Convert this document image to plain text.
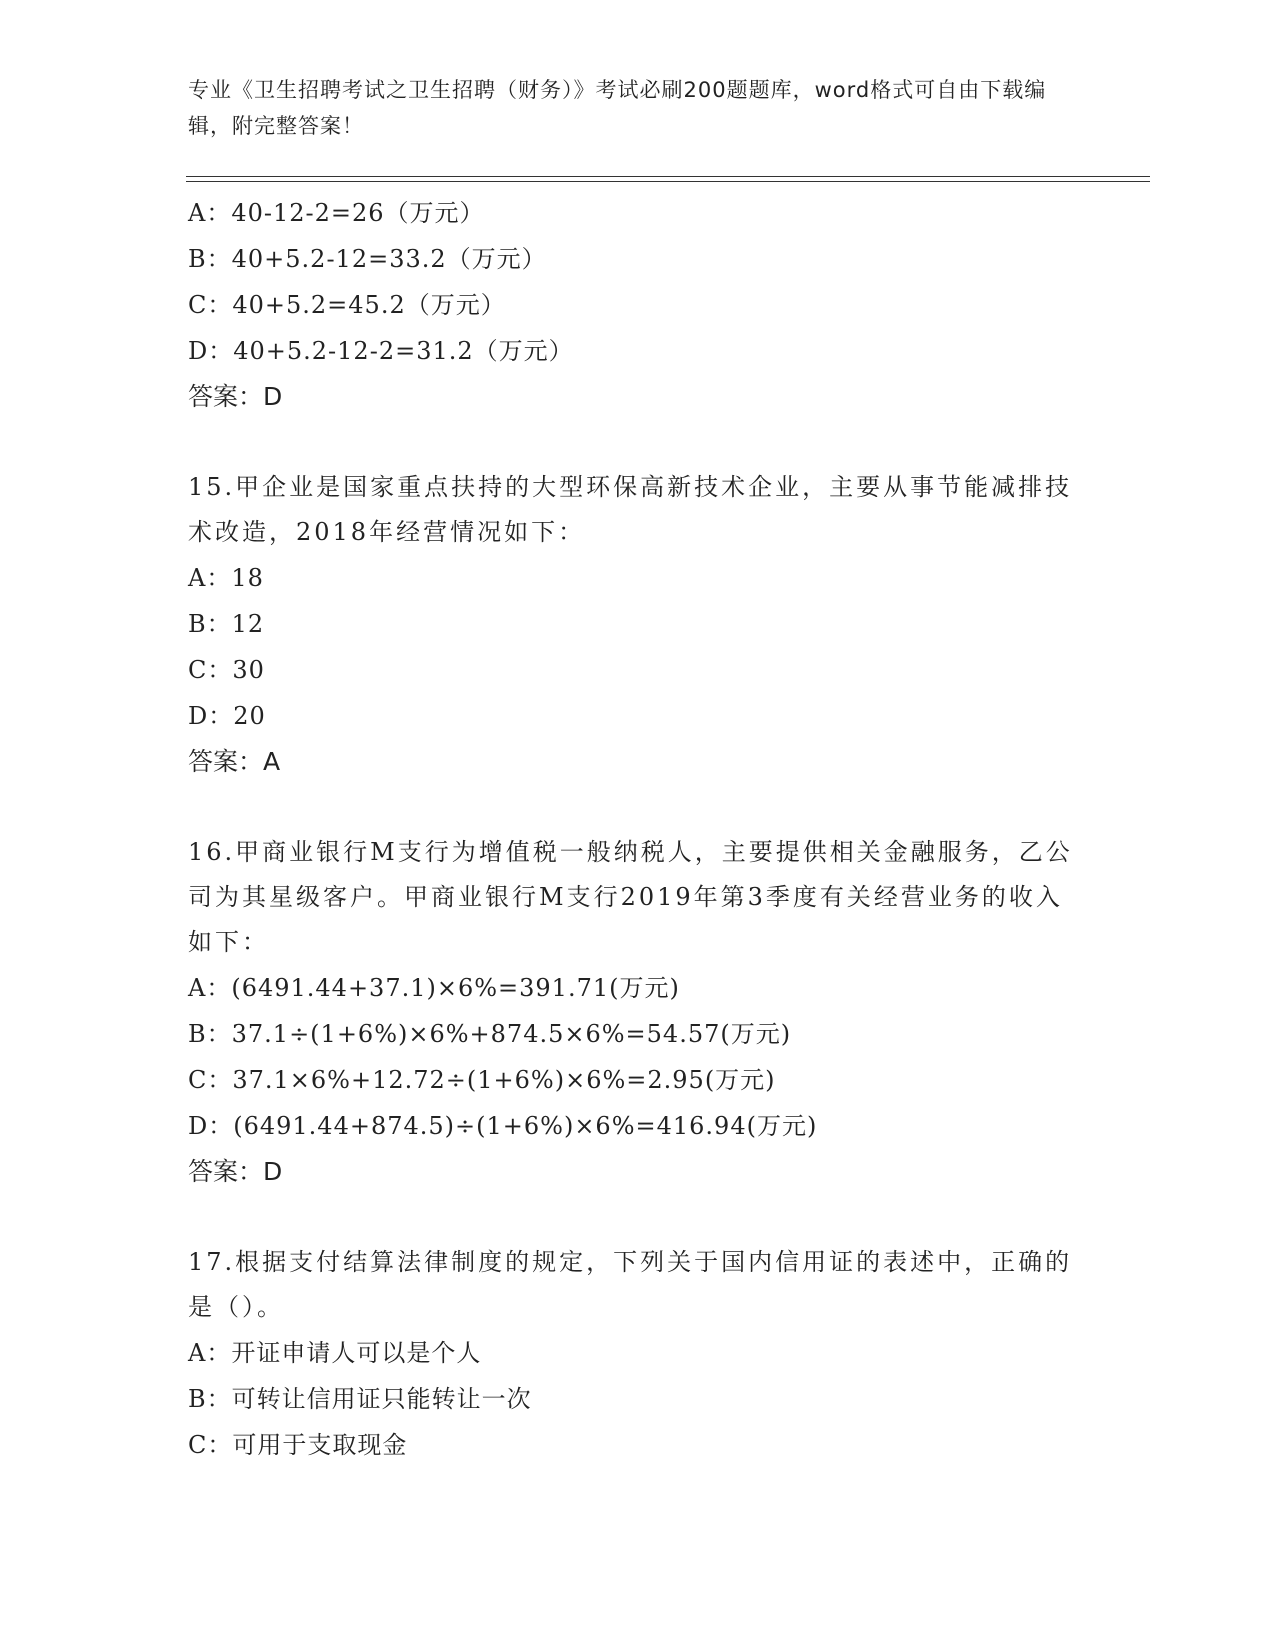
专业《卫生招聘考试之卫生招聘（财务）》考试必刷200题题库，word格式可自由下载编辑，附完整答案！
A：40-12-2=26（万元）
B：40+5.2-12=33.2（万元）
C：40+5.2=45.2（万元）
D：40+5.2-12-2=31.2（万元）
答案：D
15.甲企业是国家重点扶持的大型环保高新技术企业，主要从事节能减排技术改造，2018年经营情况如下：
A：18
B：12
C：30
D：20
答案：A
16.甲商业银行M支行为增值税一般纳税人，主要提供相关金融服务，乙公司为其星级客户。甲商业银行M支行2019年第3季度有关经营业务的收入如下：
A：(6491.44+37.1)×6%=391.71(万元)
B：37.1÷(1+6%)×6%+874.5×6%=54.57(万元)
C：37.1×6%+12.72÷(1+6%)×6%=2.95(万元)
D：(6491.44+874.5)÷(1+6%)×6%=416.94(万元)
答案：D
17.根据支付结算法律制度的规定，下列关于国内信用证的表述中，正确的是（）。
A：开证申请人可以是个人
B：可转让信用证只能转让一次
C：可用于支取现金
